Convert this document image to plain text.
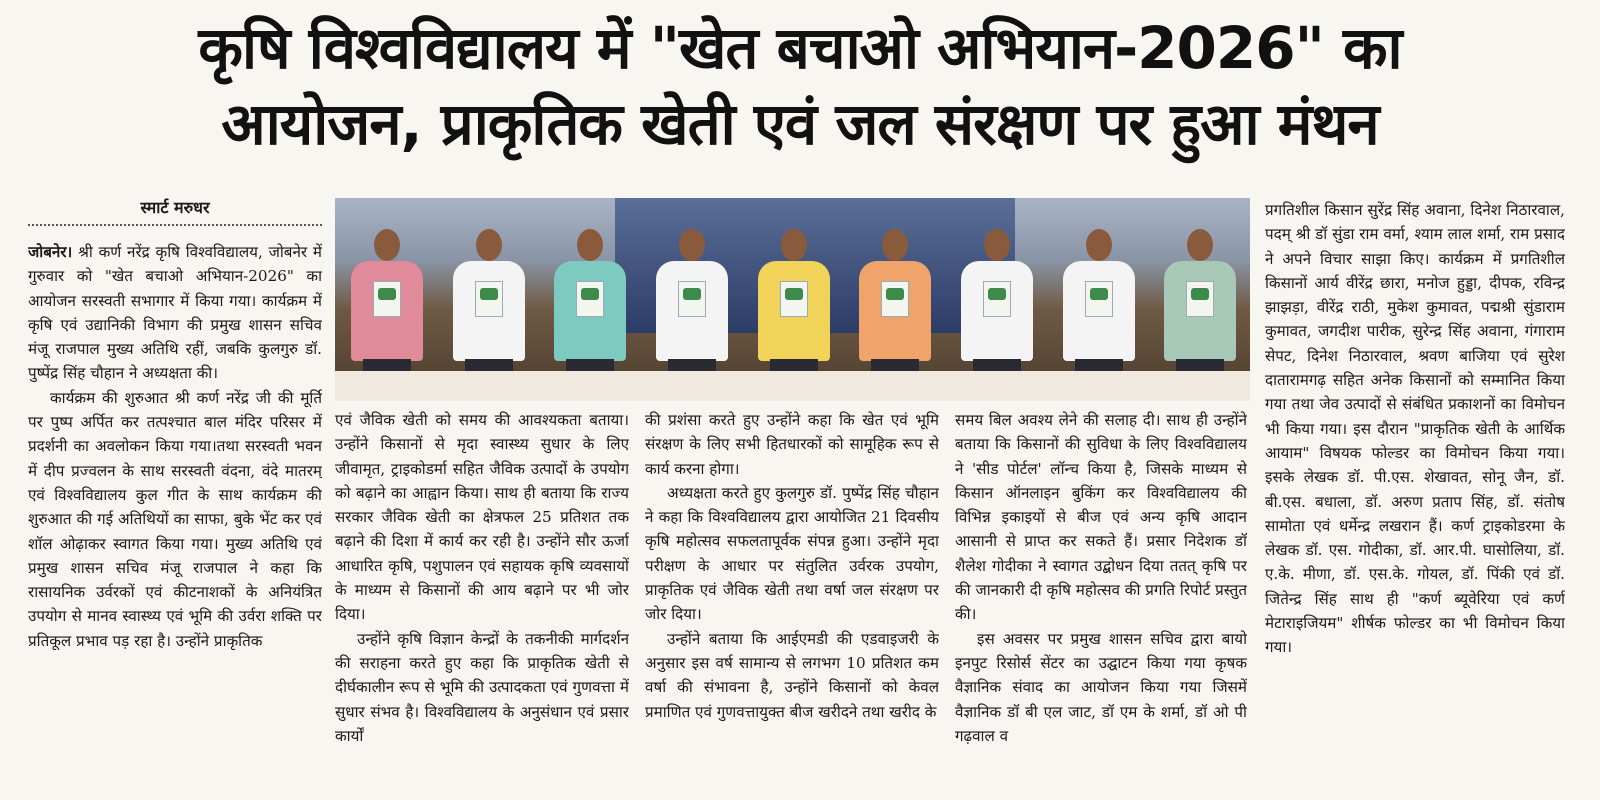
कृषि विश्वविद्यालय में "खेत बचाओ अभियान-2026" का
आयोजन, प्राकृतिक खेती एवं जल संरक्षण पर हुआ मंथन
स्मार्ट मरुधर

जोबनेर। श्री कर्ण नरेंद्र कृषि विश्वविद्यालय, जोबनेर में गुरुवार को "खेत बचाओ अभियान-2026" का आयोजन सरस्वती सभागार में किया गया। कार्यक्रम में कृषि एवं उद्यानिकी विभाग की प्रमुख शासन सचिव मंजू राजपाल मुख्य अतिथि रहीं, जबकि कुलगुरु डॉ. पुष्पेंद्र सिंह चौहान ने अध्यक्षता की।

कार्यक्रम की शुरुआत श्री कर्ण नरेंद्र जी की मूर्ति पर पुष्प अर्पित कर तत्पश्चात बाल मंदिर परिसर में प्रदर्शनी का अवलोकन किया गया।तथा सरस्वती भवन में दीप प्रज्वलन के साथ सरस्वती वंदना, वंदे मातरम् एवं विश्वविद्यालय कुल गीत के साथ कार्यक्रम की शुरुआत की गई अतिथियों का साफा, बुके भेंट कर एवं शॉल ओढ़ाकर स्वागत किया गया। मुख्य अतिथि एवं प्रमुख शासन सचिव मंजू राजपाल ने कहा कि रासायनिक उर्वरकों एवं कीटनाशकों के अनियंत्रित उपयोग से मानव स्वास्थ्य एवं भूमि की उर्वरा शक्ति पर प्रतिकूल प्रभाव पड़ रहा है। उन्होंने प्राकृतिक

एवं जैविक खेती को समय की आवश्यकता बताया। उन्होंने किसानों से मृदा स्वास्थ्य सुधार के लिए जीवामृत, ट्राइकोडर्मा सहित जैविक उत्पादों के उपयोग को बढ़ाने का आह्वान किया। साथ ही बताया कि राज्य सरकार जैविक खेती का क्षेत्रफल 25 प्रतिशत तक बढ़ाने की दिशा में कार्य कर रही है। उन्होंने सौर ऊर्जा आधारित कृषि, पशुपालन एवं सहायक कृषि व्यवसायों के माध्यम से किसानों की आय बढ़ाने पर भी जोर दिया।

उन्होंने कृषि विज्ञान केन्द्रों के तकनीकी मार्गदर्शन की सराहना करते हुए कहा कि प्राकृतिक खेती से दीर्घकालीन रूप से भूमि की उत्पादकता एवं गुणवत्ता में सुधार संभव है। विश्वविद्यालय के अनुसंधान एवं प्रसार कार्यों

की प्रशंसा करते हुए उन्होंने कहा कि खेत एवं भूमि संरक्षण के लिए सभी हितधारकों को सामूहिक रूप से कार्य करना होगा।

अध्यक्षता करते हुए कुलगुरु डॉ. पुष्पेंद्र सिंह चौहान ने कहा कि विश्वविद्यालय द्वारा आयोजित 21 दिवसीय कृषि महोत्सव सफलतापूर्वक संपन्न हुआ। उन्होंने मृदा परीक्षण के आधार पर संतुलित उर्वरक उपयोग, प्राकृतिक एवं जैविक खेती तथा वर्षा जल संरक्षण पर जोर दिया।

उन्होंने बताया कि आईएमडी की एडवाइजरी के अनुसार इस वर्ष सामान्य से लगभग 10 प्रतिशत कम वर्षा की संभावना है, उन्होंने किसानों को केवल प्रमाणित एवं गुणवत्तायुक्त बीज खरीदने तथा खरीद के

समय बिल अवश्य लेने की सलाह दी। साथ ही उन्होंने बताया कि किसानों की सुविधा के लिए विश्वविद्यालय ने 'सीड पोर्टल' लॉन्च किया है, जिसके माध्यम से किसान ऑनलाइन बुकिंग कर विश्वविद्यालय की विभिन्न इकाइयों से बीज एवं अन्य कृषि आदान आसानी से प्राप्त कर सकते हैं। प्रसार निदेशक डॉ शैलेश गोदीका ने स्वागत उद्बोधन दिया ततत् कृषि पर की जानकारी दी कृषि महोत्सव की प्रगति रिपोर्ट प्रस्तुत की।

इस अवसर पर प्रमुख शासन सचिव द्वारा बायो इनपुट रिसोर्स सेंटर का उद्घाटन किया गया कृषक वैज्ञानिक संवाद का आयोजन किया गया जिसमें वैज्ञानिक डॉ बी एल जाट, डॉ एम के शर्मा, डॉ ओ पी गढ़वाल व

प्रगतिशील किसान सुरेंद्र सिंह अवाना, दिनेश निठारवाल, पदम् श्री डॉ सुंडा राम वर्मा, श्याम लाल शर्मा, राम प्रसाद ने अपने विचार साझा किए। कार्यक्रम में प्रगतिशील किसानों आर्य वीरेंद्र छारा, मनोज हुड्डा, दीपक, रविन्द्र झाझड़ा, वीरेंद्र राठी, मुकेश कुमावत, पद्मश्री सुंडाराम कुमावत, जगदीश पारीक, सुरेन्द्र सिंह अवाना, गंगाराम सेपट, दिनेश निठारवाल, श्रवण बाजिया एवं सुरेश दातारामगढ़ सहित अनेक किसानों को सम्मानित किया गया तथा जेव उत्पादों से संबंधित प्रकाशनों का विमोचन भी किया गया। इस दौरान "प्राकृतिक खेती के आर्थिक आयाम" विषयक फोल्डर का विमोचन किया गया। इसके लेखक डॉ. पी.एस. शेखावत, सोनू जैन, डॉ. बी.एस. बधाला, डॉ. अरुण प्रताप सिंह, डॉ. संतोष सामोता एवं धर्मेन्द्र लखरान हैं। कर्ण ट्राइकोडरमा के लेखक डॉ. एस. गोदीका, डॉ. आर.पी. घासोलिया, डॉ. ए.के. मीणा, डॉ. एस.के. गोयल, डॉ. पिंकी एवं डॉ. जितेन्द्र सिंह साथ ही "कर्ण ब्यूवेरिया एवं कर्ण मेटाराइजियम" शीर्षक फोल्डर का भी विमोचन किया गया।
